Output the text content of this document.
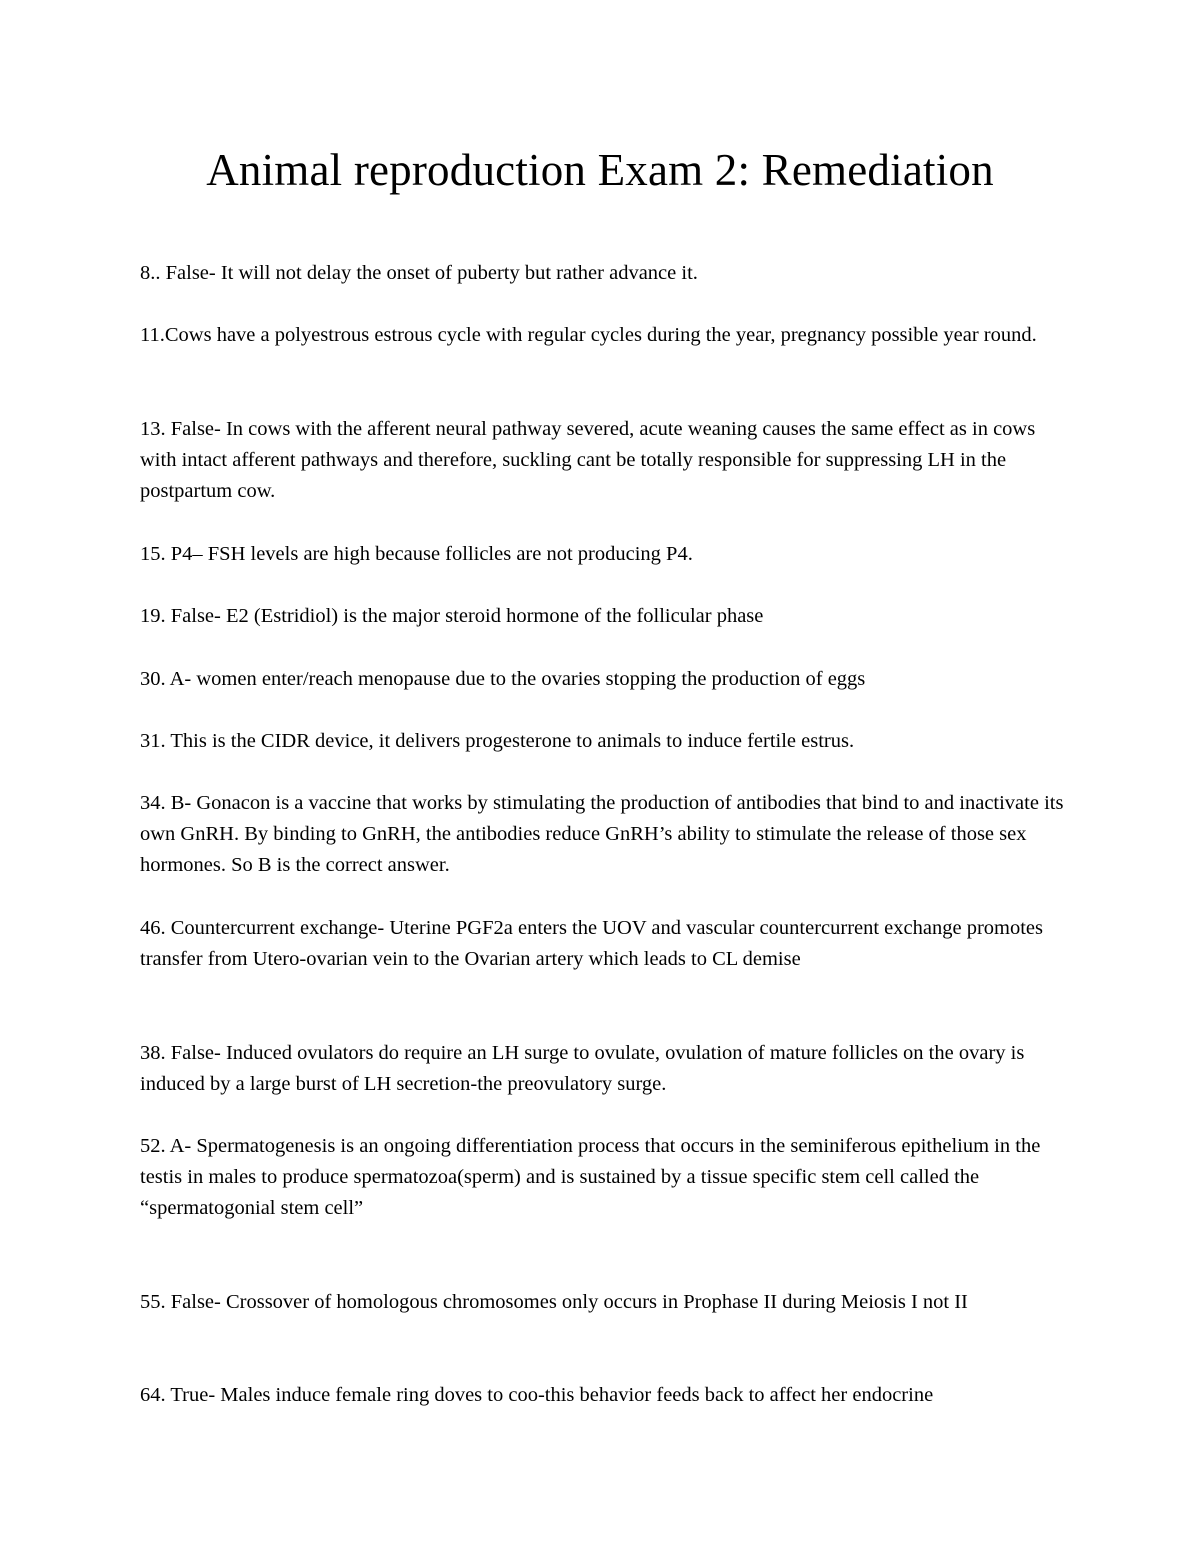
Animal reproduction Exam 2: Remediation

8.. False- It will not delay the onset of puberty but rather advance it.

11.Cows have a polyestrous estrous cycle with regular cycles during the year, pregnancy possible year round.

13. False- In cows with the afferent neural pathway severed, acute weaning causes the same effect as in cows with intact afferent pathways and therefore, suckling cant be totally responsible for suppressing LH in the postpartum cow.

15. P4– FSH levels are high because follicles are not producing P4.

19. False- E2 (Estridiol) is the major steroid hormone of the follicular phase

30. A- women enter/reach menopause due to the ovaries stopping the production of eggs

31. This is the CIDR device, it delivers progesterone to animals to induce fertile estrus.

34. B- Gonacon is a vaccine that works by stimulating the production of antibodies that bind to and inactivate its own GnRH. By binding to GnRH, the antibodies reduce GnRH’s ability to stimulate the release of those sex hormones. So B is the correct answer.

46. Countercurrent exchange- Uterine PGF2a enters the UOV and vascular countercurrent exchange promotes transfer from Utero-ovarian vein to the Ovarian artery which leads to CL demise

38. False- Induced ovulators do require an LH surge to ovulate, ovulation of mature follicles on the ovary is induced by a large burst of LH secretion-the preovulatory surge.

52. A- Spermatogenesis is an ongoing differentiation process that occurs in the seminiferous epithelium in the testis in males to produce spermatozoa(sperm) and is sustained by a tissue specific stem cell called the “spermatogonial stem cell”

55. False- Crossover of homologous chromosomes only occurs in Prophase II during Meiosis I not II

64. True- Males induce female ring doves to coo-this behavior feeds back to affect her endocrine
